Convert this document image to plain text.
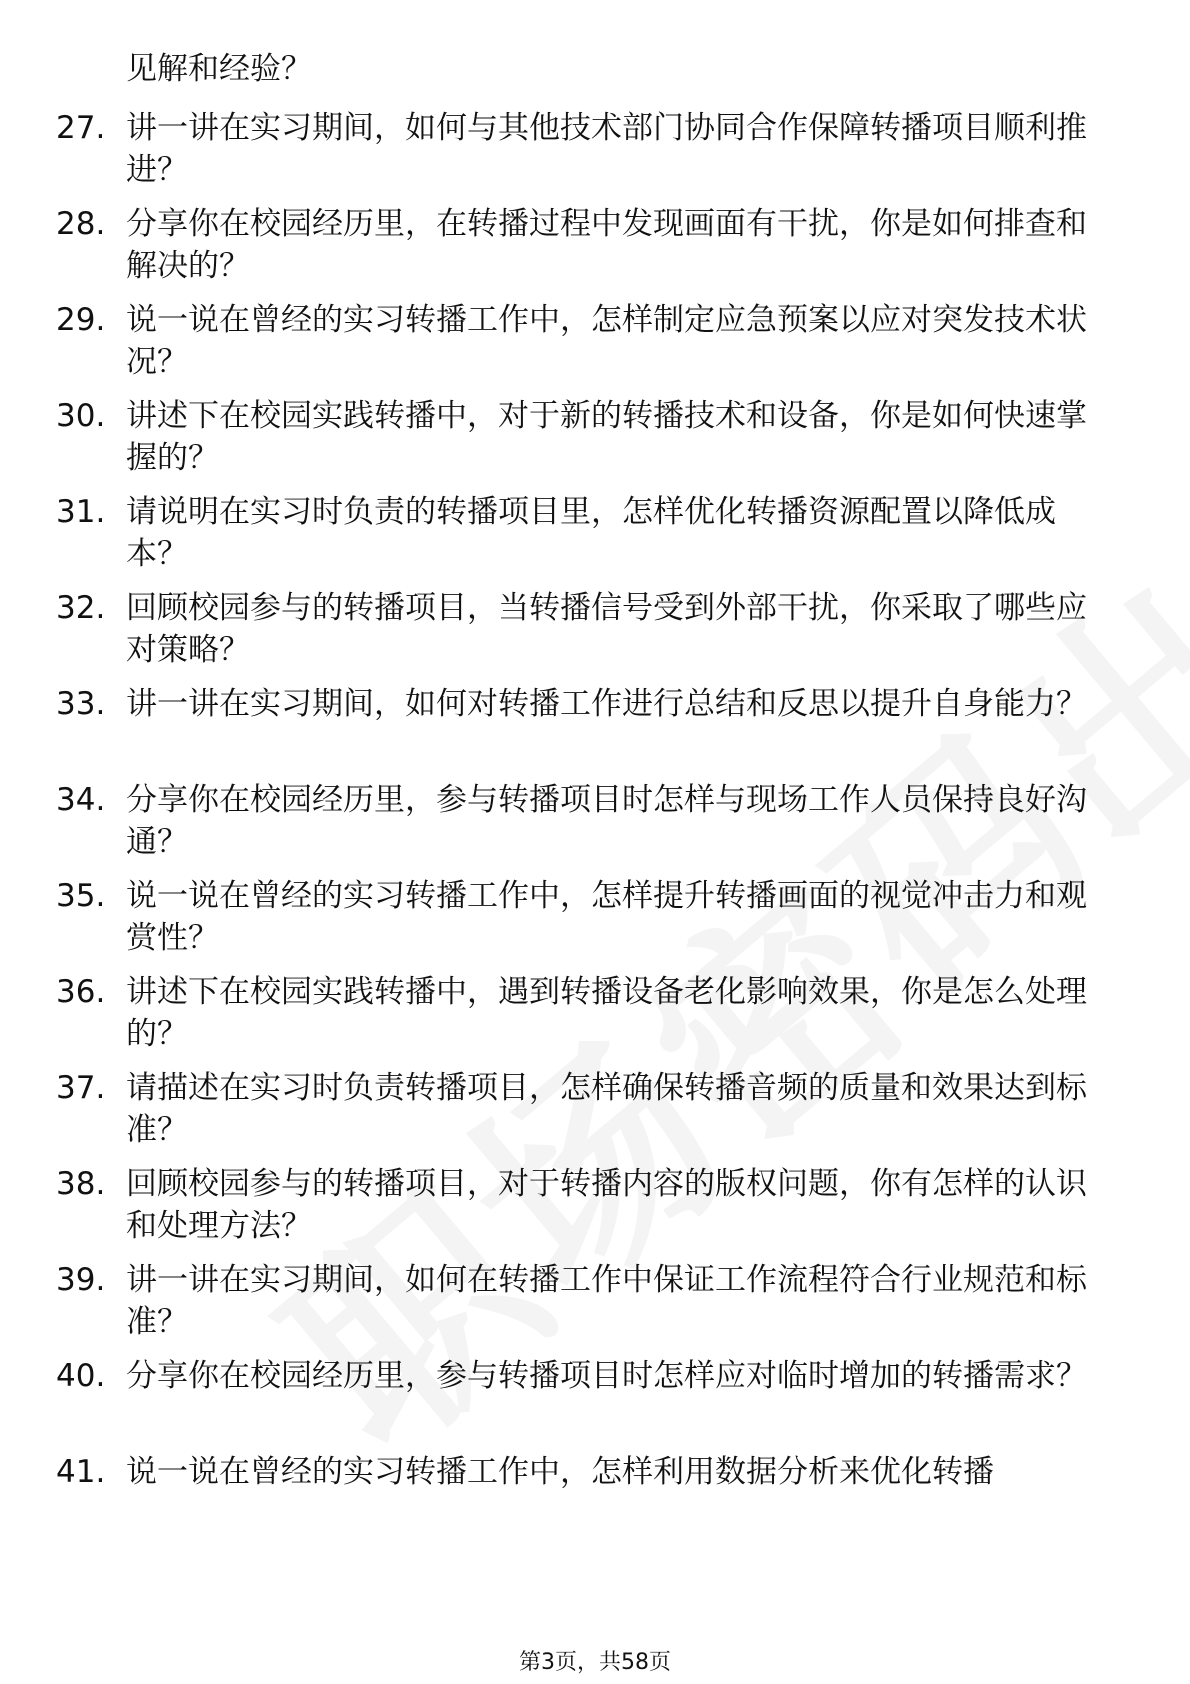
见解和经验？
27. 讲一讲在实习期间，如何与其他技术部门协同合作保障转播项目顺利推进？
28. 分享你在校园经历里，在转播过程中发现画面有干扰，你是如何排查和解决的？
29. 说一说在曾经的实习转播工作中，怎样制定应急预案以应对突发技术状况？
30. 讲述下在校园实践转播中，对于新的转播技术和设备，你是如何快速掌握的？
31. 请说明在实习时负责的转播项目里，怎样优化转播资源配置以降低成本？
32. 回顾校园参与的转播项目，当转播信号受到外部干扰，你采取了哪些应对策略？
33. 讲一讲在实习期间，如何对转播工作进行总结和反思以提升自身能力？
34. 分享你在校园经历里，参与转播项目时怎样与现场工作人员保持良好沟通？
35. 说一说在曾经的实习转播工作中，怎样提升转播画面的视觉冲击力和观赏性？
36. 讲述下在校园实践转播中，遇到转播设备老化影响效果，你是怎么处理的？
37. 请描述在实习时负责转播项目，怎样确保转播音频的质量和效果达到标准？
38. 回顾校园参与的转播项目，对于转播内容的版权问题，你有怎样的认识和处理方法？
39. 讲一讲在实习期间，如何在转播工作中保证工作流程符合行业规范和标准？
40. 分享你在校园经历里，参与转播项目时怎样应对临时增加的转播需求？
41. 说一说在曾经的实习转播工作中，怎样利用数据分析来优化转播
第3页，共58页
